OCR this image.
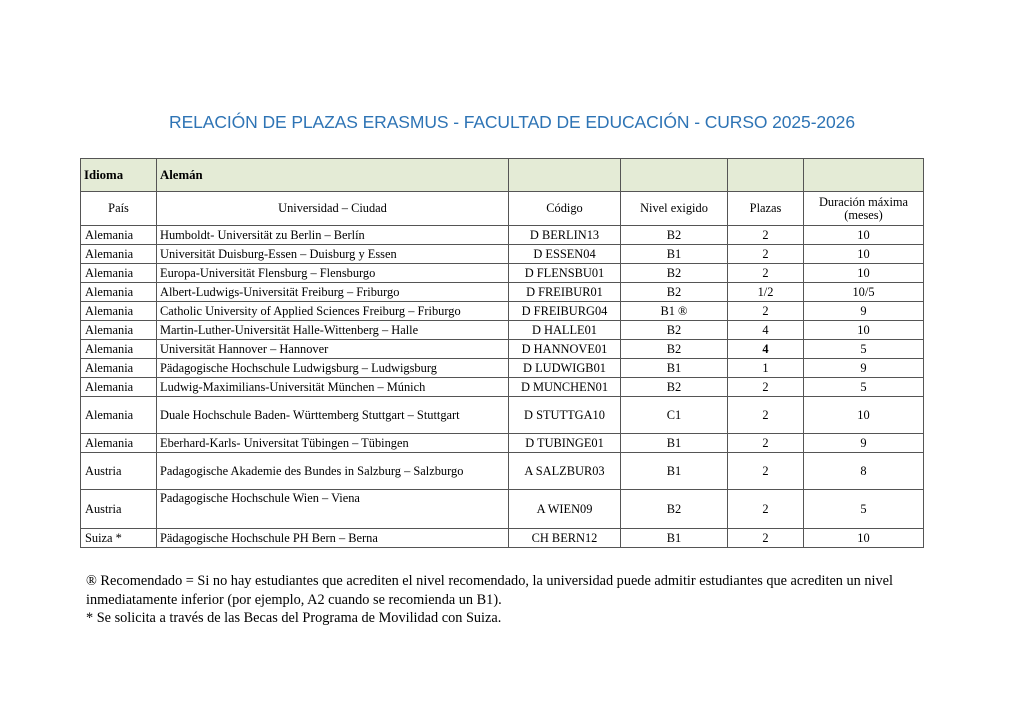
RELACIÓN DE PLAZAS ERASMUS - FACULTAD DE EDUCACIÓN - CURSO 2025-2026
Idioma	Alemán				
País	Universidad – Ciudad	Código	Nivel exigido	Plazas	Duración máxima (meses)
Alemania	Humboldt- Universität zu Berlin – Berlín	D BERLIN13	B2	2	10
Alemania	Universität Duisburg-Essen – Duisburg y Essen	D ESSEN04	B1	2	10
Alemania	Europa-Universität Flensburg – Flensburgo	D FLENSBU01	B2	2	10
Alemania	Albert-Ludwigs-Universität Freiburg – Friburgo	D FREIBUR01	B2	1/2	10/5
Alemania	Catholic University of Applied Sciences Freiburg – Friburgo	D FREIBURG04	B1 ®	2	9
Alemania	Martin-Luther-Universität Halle-Wittenberg – Halle	D HALLE01	B2	4	10
Alemania	Universität Hannover – Hannover	D HANNOVE01	B2	4	5
Alemania	Pädagogische Hochschule Ludwigsburg – Ludwigsburg	D LUDWIGB01	B1	1	9
Alemania	Ludwig-Maximilians-Universität München – Múnich	D MUNCHEN01	B2	2	5
Alemania	Duale Hochschule Baden- Württemberg Stuttgart – Stuttgart	D STUTTGA10	C1	2	10
Alemania	Eberhard-Karls- Universitat Tübingen – Tübingen	D TUBINGE01	B1	2	9
Austria	Padagogische Akademie des Bundes in Salzburg – Salzburgo	A SALZBUR03	B1	2	8
Austria	Padagogische Hochschule Wien – Viena	A WIEN09	B2	2	5
Suiza *	Pädagogische Hochschule PH Bern – Berna	CH BERN12	B1	2	10

® Recomendado = Si no hay estudiantes que acrediten el nivel recomendado, la universidad puede admitir estudiantes que acrediten un nivel inmediatamente inferior (por ejemplo, A2 cuando se recomienda un B1).

* Se solicita a través de las Becas del Programa de Movilidad con Suiza.
